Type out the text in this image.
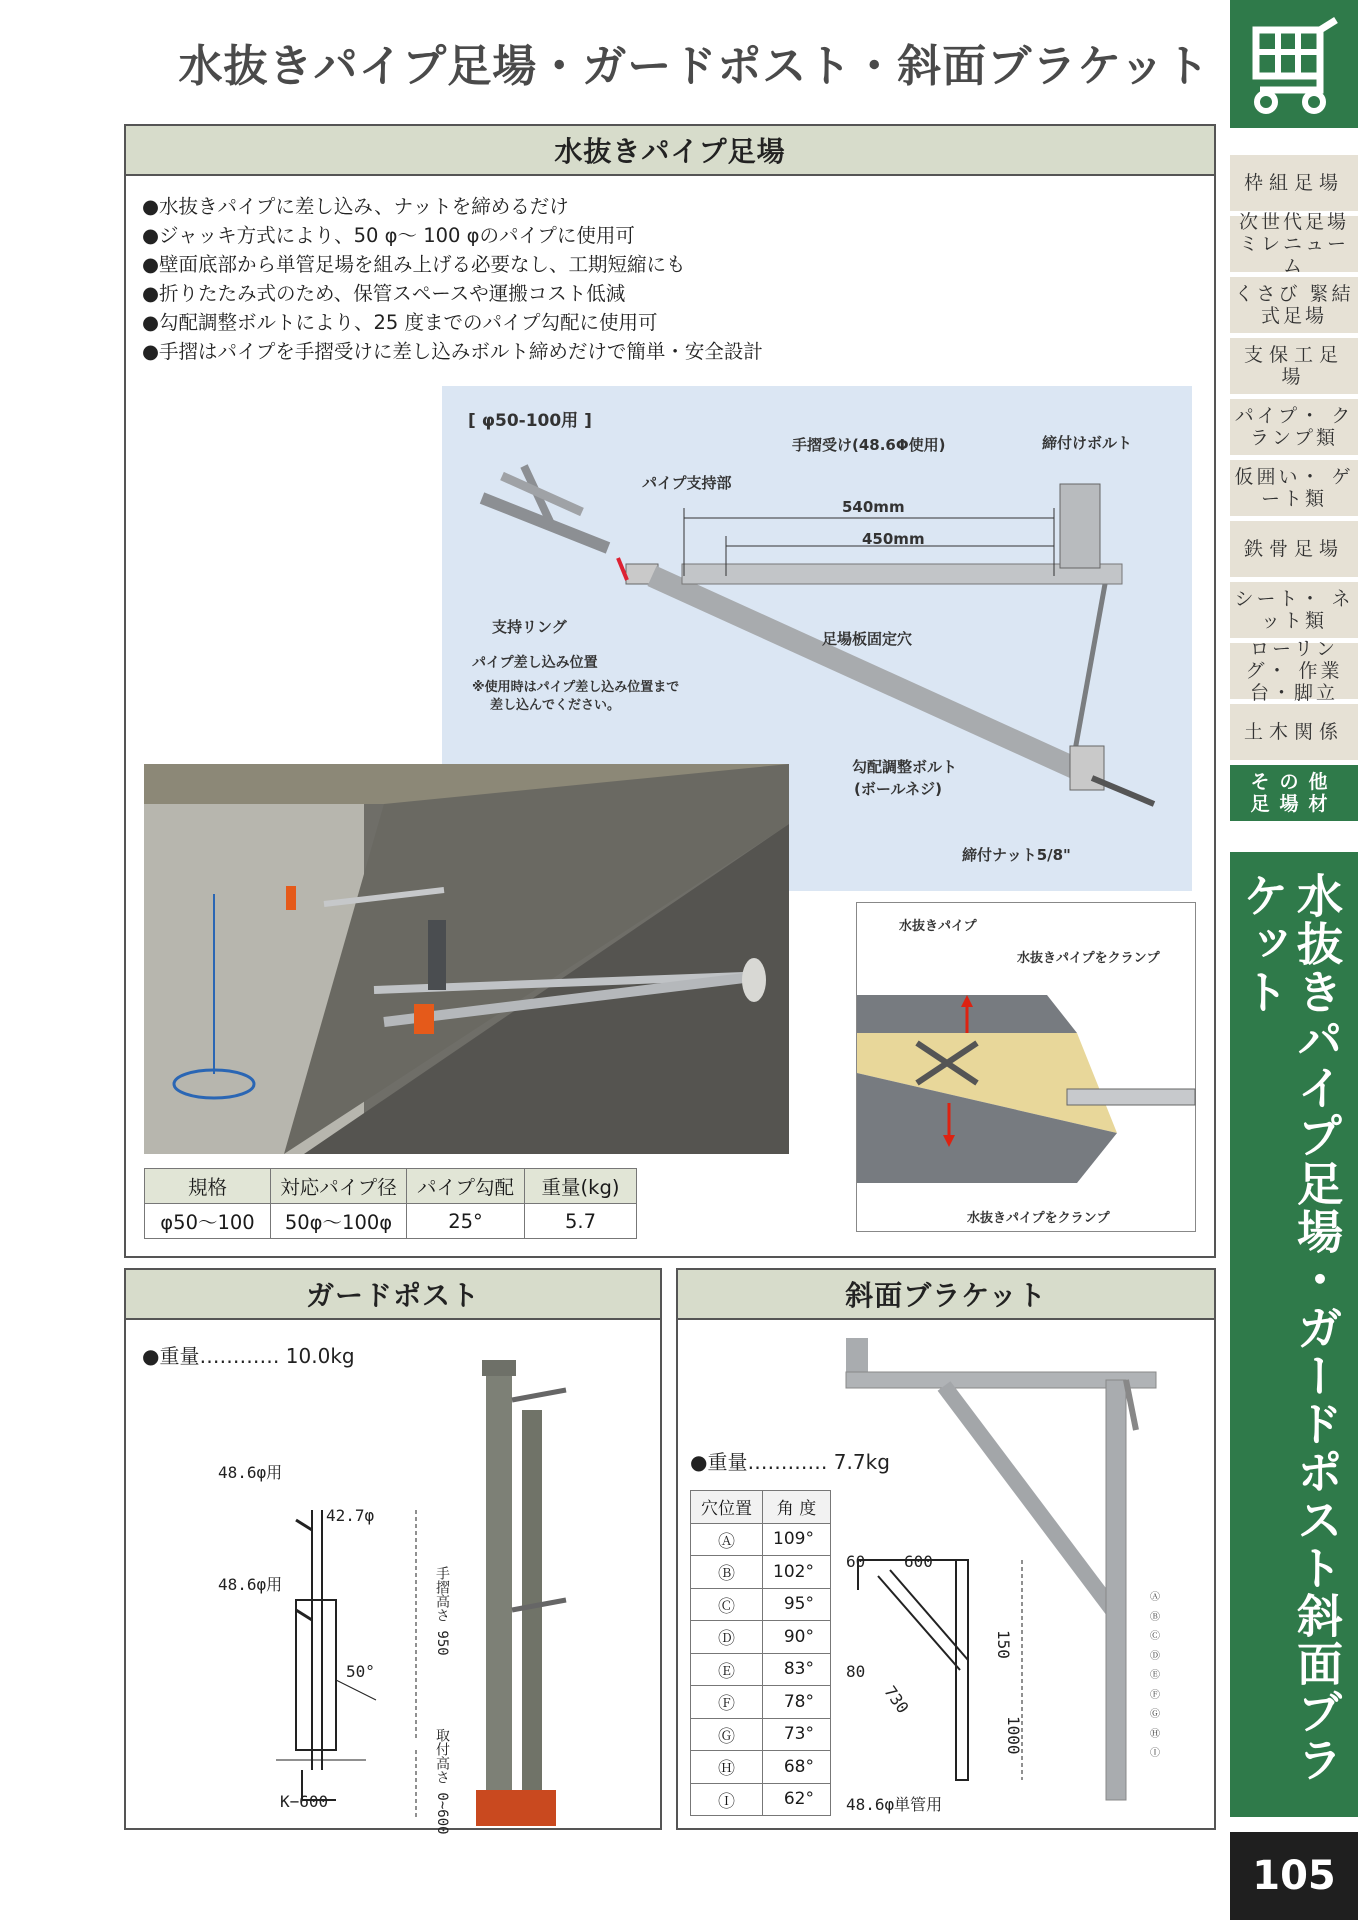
水抜きパイプ足場・ガードポスト・斜面ブラケット
枠組足場
次世代足場 ミレニューム
くさび 緊結式足場
支保工足場
パイプ・ クランプ類
仮囲い・ ゲート類
鉄骨足場
シート・ ネット類
ローリング・ 作業台・脚立
土木関係
その他 足場材
水抜きパイプ足場・ガードポスト斜面ブラケット
105
水抜きパイプ足場
●水抜きパイプに差し込み、ナットを締めるだけ
●ジャッキ方式により、50 φ～ 100 φのパイプに使用可
●壁面底部から単管足場を組み上げる必要なし、工期短縮にも
●折りたたみ式のため、保管スペースや運搬コスト低減
●勾配調整ボルトにより、25 度までのパイプ勾配に使用可
●手摺はパイプを手摺受けに差し込みボルト締めだけで簡単・安全設計
[ φ50-100用 ]
手摺受け(48.6Φ使用)	締付けボルト
パイプ支持部
540mm
450mm
支持リング
足場板固定穴
パイプ差し込み位置
※使用時はパイプ差し込み位置まで
差し込んでください。
勾配調整ボルト
(ボールネジ)
締付ナット5/8"
水抜きパイプ
水抜きパイプをクランプ
水抜きパイプをクランプ
規格	対応パイプ径	パイプ勾配	重量(kg)
φ50～100	50φ～100φ	25°	5.7
ガードポスト
●重量………… 10.0kg
48.6φ用
42.7φ
48.6φ用
50°
手摺高さ 950
取付高さ 0~600
K−600
斜面ブラケット
●重量………… 7.7kg
穴位置	角 度
Ⓐ	109°
Ⓑ	102°
Ⓒ	95°
Ⓓ	90°
Ⓔ	83°
Ⓕ	78°
Ⓖ	73°
Ⓗ	68°
Ⓘ	62°
60 600
150
80
730
1000
48.6φ単管用
Ⓐ
Ⓑ
Ⓒ
Ⓓ
Ⓔ
Ⓕ
Ⓖ
Ⓗ
Ⓘ
